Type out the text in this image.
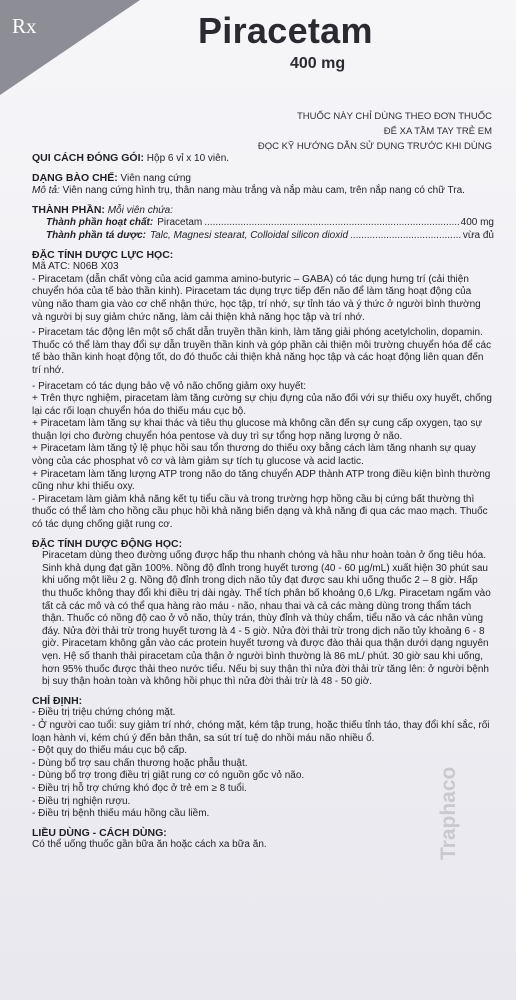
Rx	Piracetam
400 mg
THUỐC NÀY CHỈ DÙNG THEO ĐƠN THUỐC
ĐỂ XA TẦM TAY TRẺ EM
ĐỌC KỸ HƯỚNG DẪN SỬ DỤNG TRƯỚC KHI DÙNG

QUI CÁCH ĐÓNG GÓI: Hộp 6 vỉ x 10 viên.

DẠNG BÀO CHẾ: Viên nang cứng

Mô tả: Viên nang cứng hình trụ, thân nang màu trắng và nắp màu cam, trên nắp nang có chữ Tra.

THÀNH PHẦN: Mỗi viên chứa:

Thành phần hoạt chất: Piracetam .....	400 mg
Thành phần tá dược: Talc, Magnesi stearat, Colloidal silicon dioxid .....	vừa đủ

ĐẶC TÍNH DƯỢC LỰC HỌC:

Mã ATC: N06B X03

- Piracetam (dẫn chất vòng của acid gamma amino-butyric – GABA) có tác dụng hưng trí (cải thiện chuyển hóa của tế bào thần kinh). Piracetam tác dụng trực tiếp đến não để làm tăng hoạt động của vùng não tham gia vào cơ chế nhận thức, học tập, trí nhớ, sự tỉnh táo và ý thức ở người bình thường và người bị suy giảm chức năng, làm cải thiện khả năng học tập và trí nhớ.

- Piracetam tác động lên một số chất dẫn truyền thần kinh, làm tăng giải phóng acetylcholin, dopamin. Thuốc có thể làm thay đổi sự dẫn truyền thần kinh và góp phần cải thiện môi trường chuyển hóa để các tế bào thần kinh hoạt động tốt, do đó thuốc cải thiện khả năng học tập và các hoạt động liên quan đến trí nhớ.

- Piracetam có tác dụng bảo vệ vỏ não chống giảm oxy huyết:

+ Trên thực nghiệm, piracetam làm tăng cường sự chịu đựng của não đối với sự thiếu oxy huyết, chống lại các rối loạn chuyển hóa do thiếu máu cục bộ.

+ Piracetam làm tăng sự khai thác và tiêu thụ glucose mà không cần đến sự cung cấp oxygen, tạo sự thuận lợi cho đường chuyển hóa pentose và duy trì sự tổng hợp năng lượng ở não.

+ Piracetam làm tăng tỷ lệ phục hồi sau tổn thương do thiếu oxy bằng cách làm tăng nhanh sự quay vòng của các phosphat vô cơ và làm giảm sự tích tụ glucose và acid lactic.

+ Piracetam làm tăng lượng ATP trong não do tăng chuyển ADP thành ATP trong điều kiện bình thường cũng như khi thiếu oxy.

- Piracetam làm giảm khả năng kết tụ tiểu cầu và trong trường hợp hồng cầu bị cứng bất thường thì thuốc có thể làm cho hồng cầu phục hồi khả năng biến dạng và khả năng đi qua các mao mạch. Thuốc có tác dụng chống giật rung cơ.

ĐẶC TÍNH DƯỢC ĐỘNG HỌC:

Piracetam dùng theo đường uống được hấp thu nhanh chóng và hầu như hoàn toàn ở ống tiêu hóa. Sinh khả dụng đạt gần 100%. Nồng độ đỉnh trong huyết tương (40 - 60 µg/mL) xuất hiện 30 phút sau khi uống một liều 2 g. Nồng độ đỉnh trong dịch não tủy đạt được sau khi uống thuốc 2 – 8 giờ. Hấp thu thuốc không thay đổi khi điều trị dài ngày. Thể tích phân bố khoảng 0,6 L/kg. Piracetam ngấm vào tất cả các mô và có thể qua hàng rào máu - não, nhau thai và cả các màng dùng trong thẩm tách thận. Thuốc có nồng độ cao ở vỏ não, thùy trán, thùy đỉnh và thùy chẩm, tiểu não và các nhân vùng đáy. Nửa đời thải trừ trong huyết tương là 4 - 5 giờ. Nửa đời thải trừ trong dịch não tủy khoảng 6 - 8 giờ. Piracetam không gắn vào các protein huyết tương và được đào thải qua thận dưới dạng nguyên vẹn. Hệ số thanh thải piracetam của thận ở người bình thường là 86 mL/ phút. 30 giờ sau khi uống, hơn 95% thuốc được thải theo nước tiểu. Nếu bị suy thận thì nửa đời thải trừ tăng lên: ở người bệnh bị suy thận hoàn toàn và không hồi phục thì nửa đời thải trừ là 48 - 50 giờ.

CHỈ ĐỊNH:

- Điều trị triệu chứng chóng mặt.

- Ở người cao tuổi: suy giảm trí nhớ, chóng mặt, kém tập trung, hoặc thiếu tỉnh táo, thay đổi khí sắc, rối loạn hành vi, kém chú ý đến bản thân, sa sút trí tuệ do nhồi máu não nhiều ổ.

- Đột quỵ do thiếu máu cục bộ cấp.

- Dùng bổ trợ sau chấn thương hoặc phẫu thuật.

- Dùng bổ trợ trong điều trị giật rung cơ có nguồn gốc vỏ não.

- Điều trị hỗ trợ chứng khó đọc ở trẻ em ≥ 8 tuổi.

- Điều trị nghiện rượu.

- Điều trị bệnh thiếu máu hồng cầu liềm.

LIỀU DÙNG - CÁCH DÙNG:

Có thể uống thuốc gần bữa ăn hoặc cách xa bữa ăn.	Traphaco
